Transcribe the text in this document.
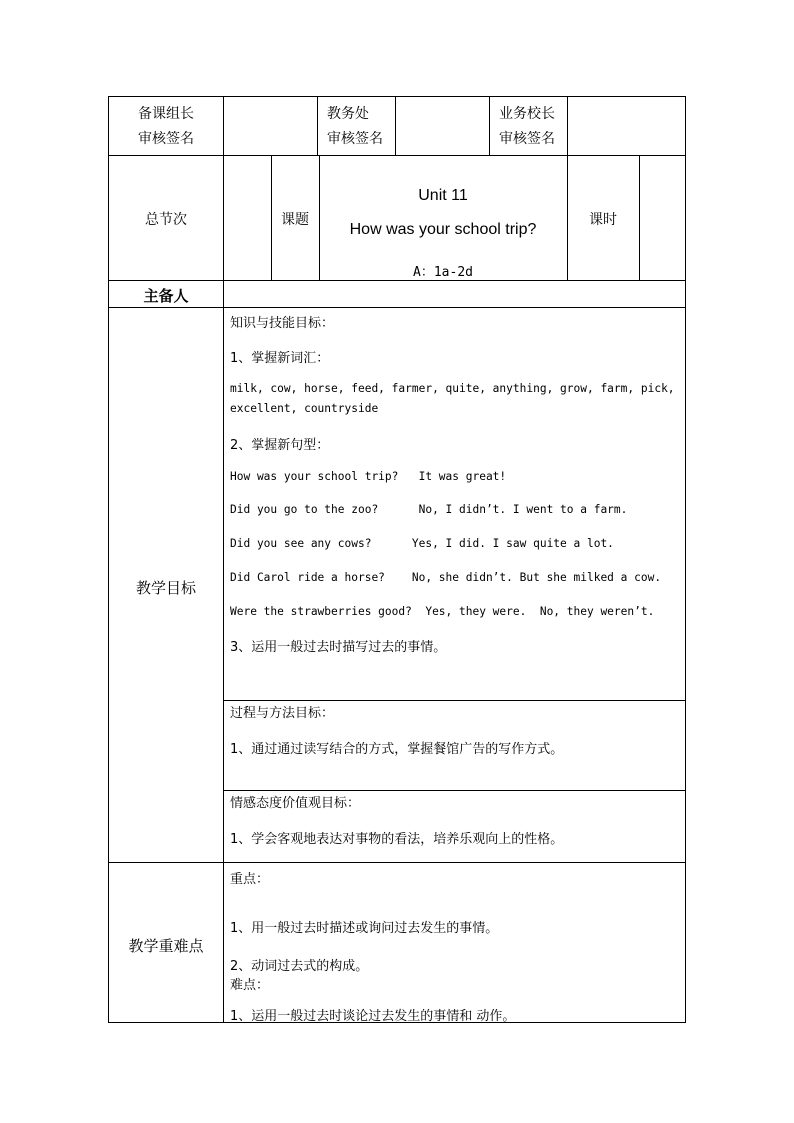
备课组长
审核签名
教务处
审核签名
业务校长
审核签名
总节次	课题
Unit 11
How was your school trip?
A：1a-2d
课时
主备人
教学目标
知识与技能目标：
1、掌握新词汇：
milk, cow, horse, feed, farmer, quite, anything, grow, farm, pick,
excellent, countryside
2、掌握新句型：
How was your school trip?   It was great!
Did you go to the zoo?      No, I didn’t. I went to a farm.
Did you see any cows?      Yes, I did. I saw quite a lot.
Did Carol ride a horse?    No, she didn’t. But she milked a cow.
Were the strawberries good?  Yes, they were.  No, they weren’t.
3、运用一般过去时描写过去的事情。
过程与方法目标：
1、通过通过读写结合的方式，掌握餐馆广告的写作方式。
情感态度价值观目标：
1、学会客观地表达对事物的看法，培养乐观向上的性格。
教学重难点
重点：
1、用一般过去时描述或询问过去发生的事情。
2、动词过去式的构成。
难点：
1、运用一般过去时谈论过去发生的事情和 动作。
